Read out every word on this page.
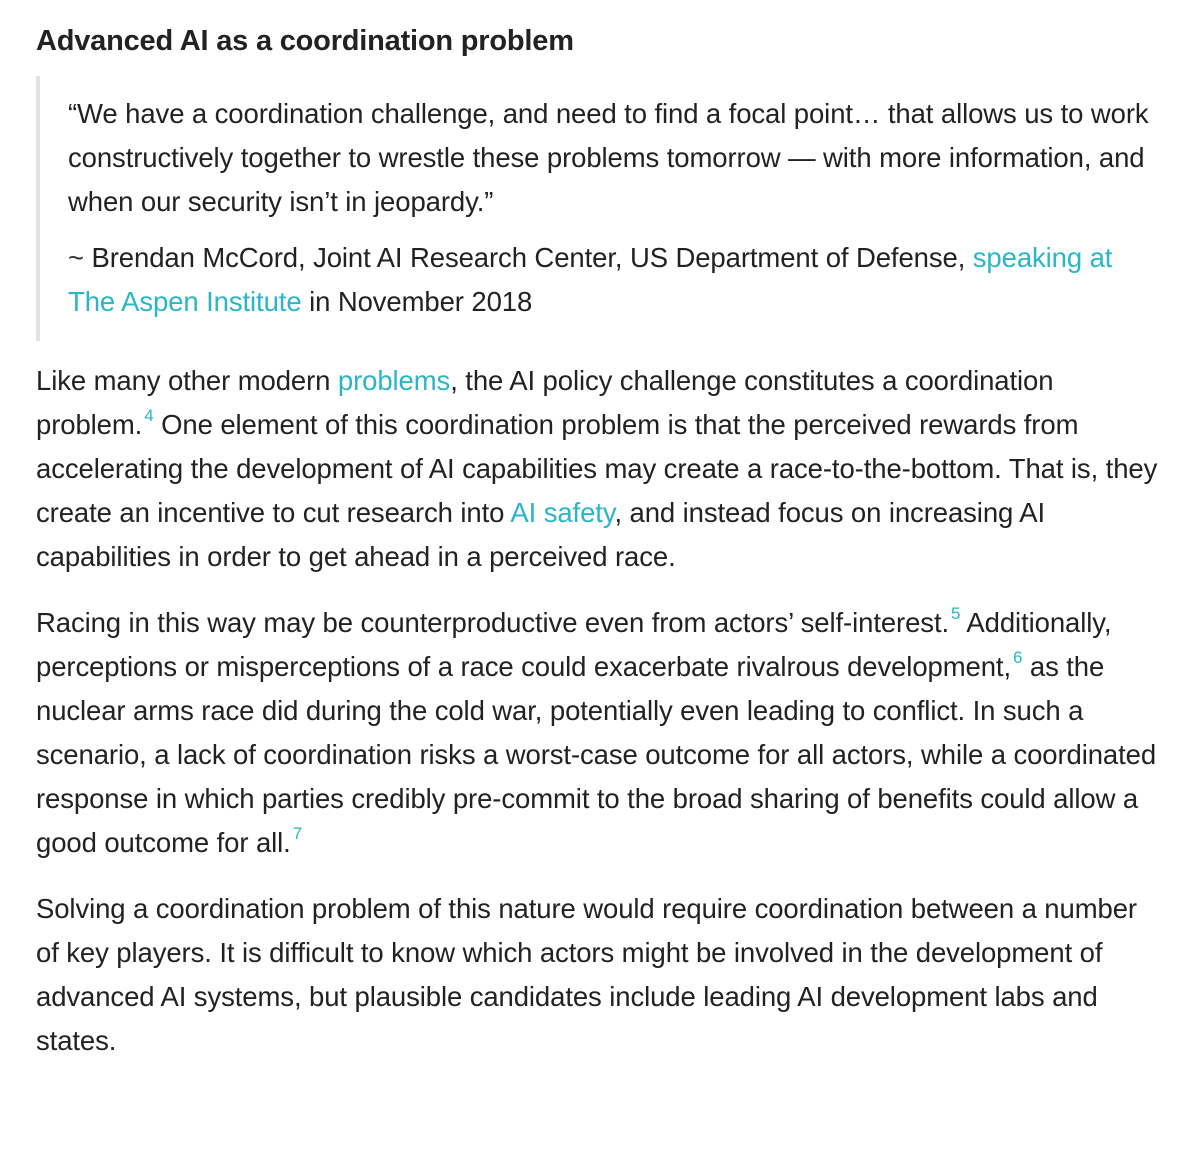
Advanced AI as a coordination problem

“We have a coordination challenge, and need to find a focal point… that allows us to work constructively together to wrestle these problems tomorrow — with more information, and when our security isn’t in jeopardy.”

~ Brendan McCord, Joint AI Research Center, US Department of Defense, speaking at The Aspen Institute in November 2018

Like many other modern problems, the AI policy challenge constitutes a coordination problem. $^4$ One element of this coordination problem is that the perceived rewards from accelerating the development of AI capabilities may create a race-to-the-bottom. That is, they create an incentive to cut research into AI safety, and instead focus on increasing AI capabilities in order to get ahead in a perceived race.

Racing in this way may be counterproductive even from actors’ self-interest. $^5$ Additionally, perceptions or misperceptions of a race could exacerbate rivalrous development, $^6$ as the nuclear arms race did during the cold war, potentially even leading to conflict. In such a scenario, a lack of coordination risks a worst-case outcome for all actors, while a coordinated response in which parties credibly pre-commit to the broad sharing of benefits could allow a good outcome for all. $^7$

Solving a coordination problem of this nature would require coordination between a number of key players. It is difficult to know which actors might be involved in the development of advanced AI systems, but plausible candidates include leading AI development labs and states.
